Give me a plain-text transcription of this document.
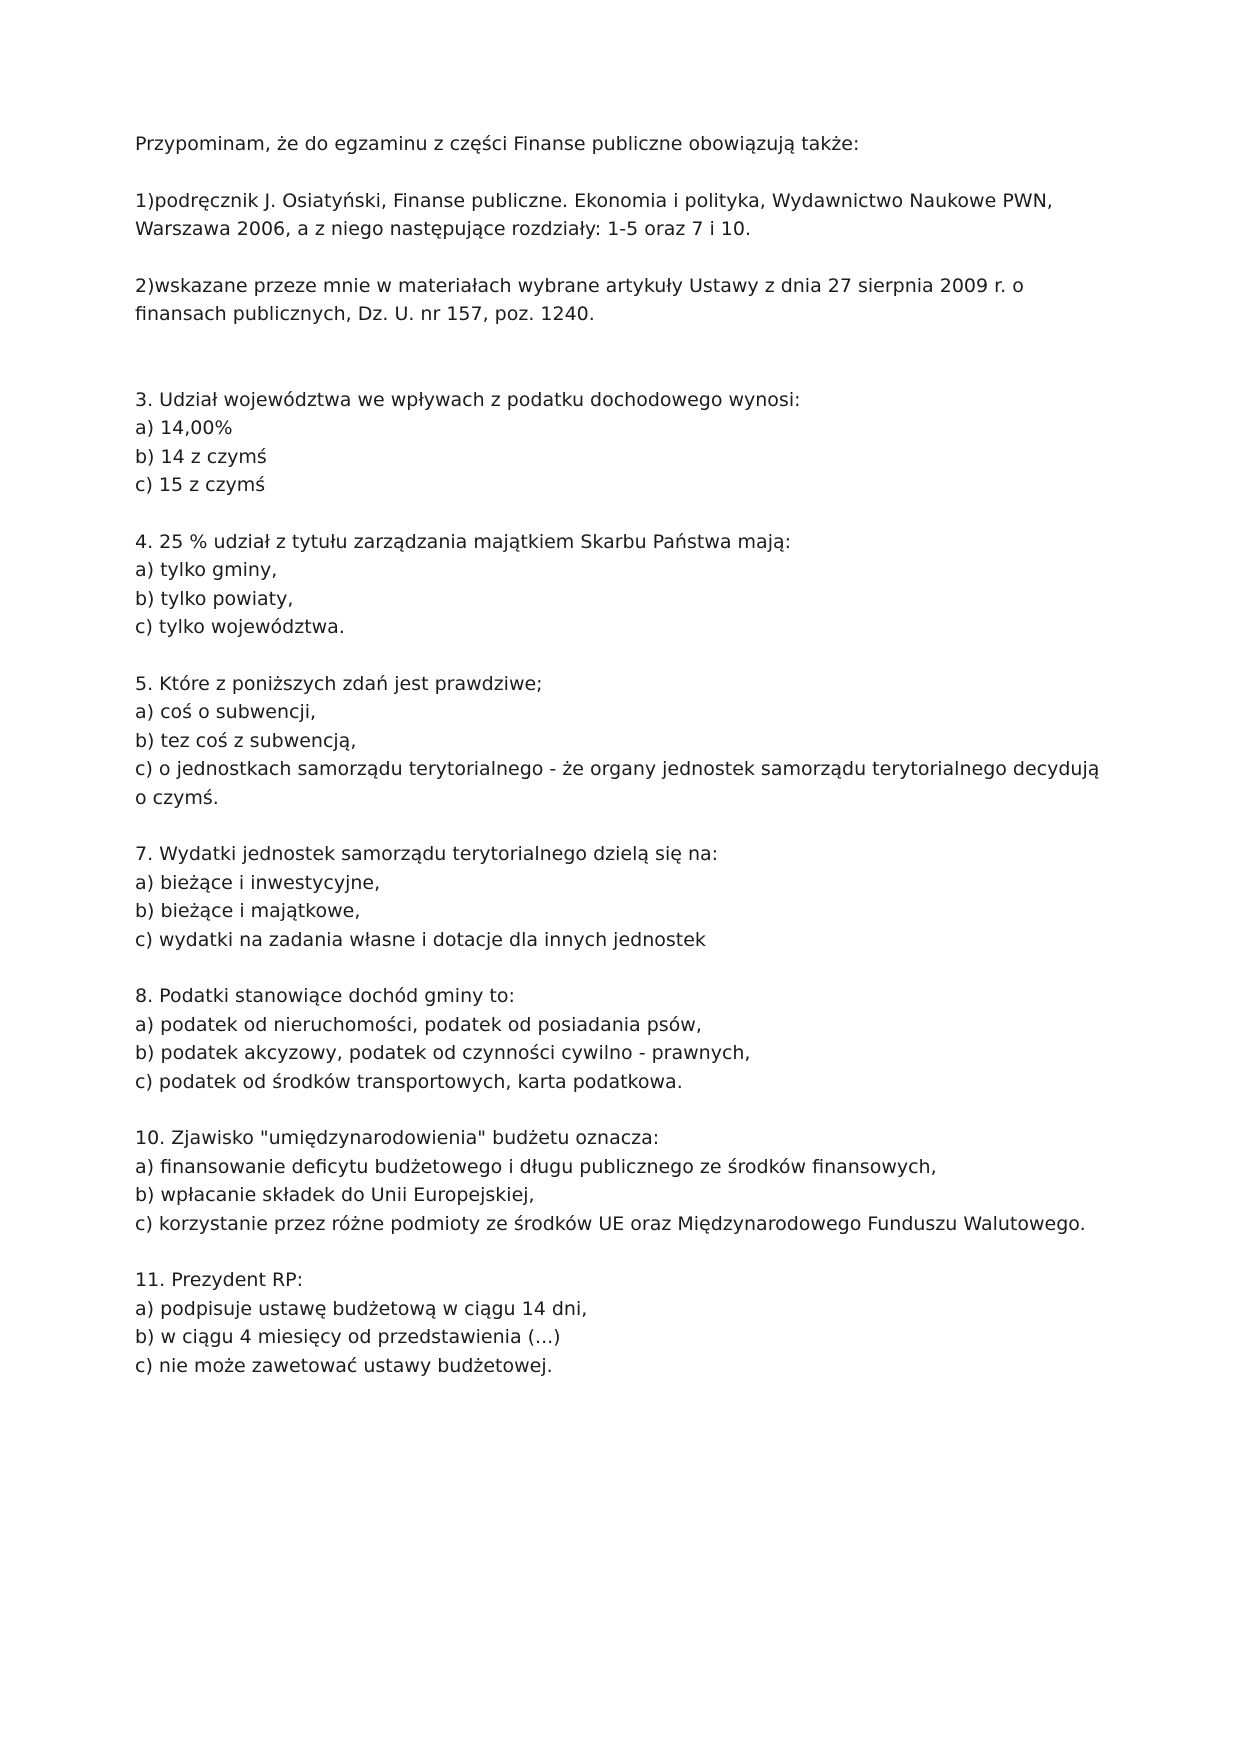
Przypominam, że do egzaminu z części Finanse publiczne obowiązują także:

1)podręcznik J. Osiatyński, Finanse publiczne. Ekonomia i polityka, Wydawnictwo Naukowe PWN, Warszawa 2006, a z niego następujące rozdziały: 1-5 oraz 7 i 10.

2)wskazane przeze mnie w materiałach wybrane artykuły Ustawy z dnia 27 sierpnia 2009 r. o finansach publicznych, Dz. U. nr 157, poz. 1240.

3. Udział województwa we wpływach z podatku dochodowego wynosi:

a) 14,00%

b) 14 z czymś

c) 15 z czymś

4. 25 % udział z tytułu zarządzania majątkiem Skarbu Państwa mają:

a) tylko gminy,

b) tylko powiaty,

c) tylko województwa.

5. Które z poniższych zdań jest prawdziwe;

a) coś o subwencji,

b) tez coś z subwencją,

c) o jednostkach samorządu terytorialnego - że organy jednostek samorządu terytorialnego decydują o czymś.

7. Wydatki jednostek samorządu terytorialnego dzielą się na:

a) bieżące i inwestycyjne,

b) bieżące i majątkowe,

c) wydatki na zadania własne i dotacje dla innych jednostek

8. Podatki stanowiące dochód gminy to:

a) podatek od nieruchomości, podatek od posiadania psów,

b) podatek akcyzowy, podatek od czynności cywilno - prawnych,

c) podatek od środków transportowych, karta podatkowa.

10. Zjawisko "umiędzynarodowienia" budżetu oznacza:

a) finansowanie deficytu budżetowego i długu publicznego ze środków finansowych,

b) wpłacanie składek do Unii Europejskiej,

c) korzystanie przez różne podmioty ze środków UE oraz Międzynarodowego Funduszu Walutowego.

11. Prezydent RP:

a) podpisuje ustawę budżetową w ciągu 14 dni,

b) w ciągu 4 miesięcy od przedstawienia (...)

c) nie może zawetować ustawy budżetowej.
